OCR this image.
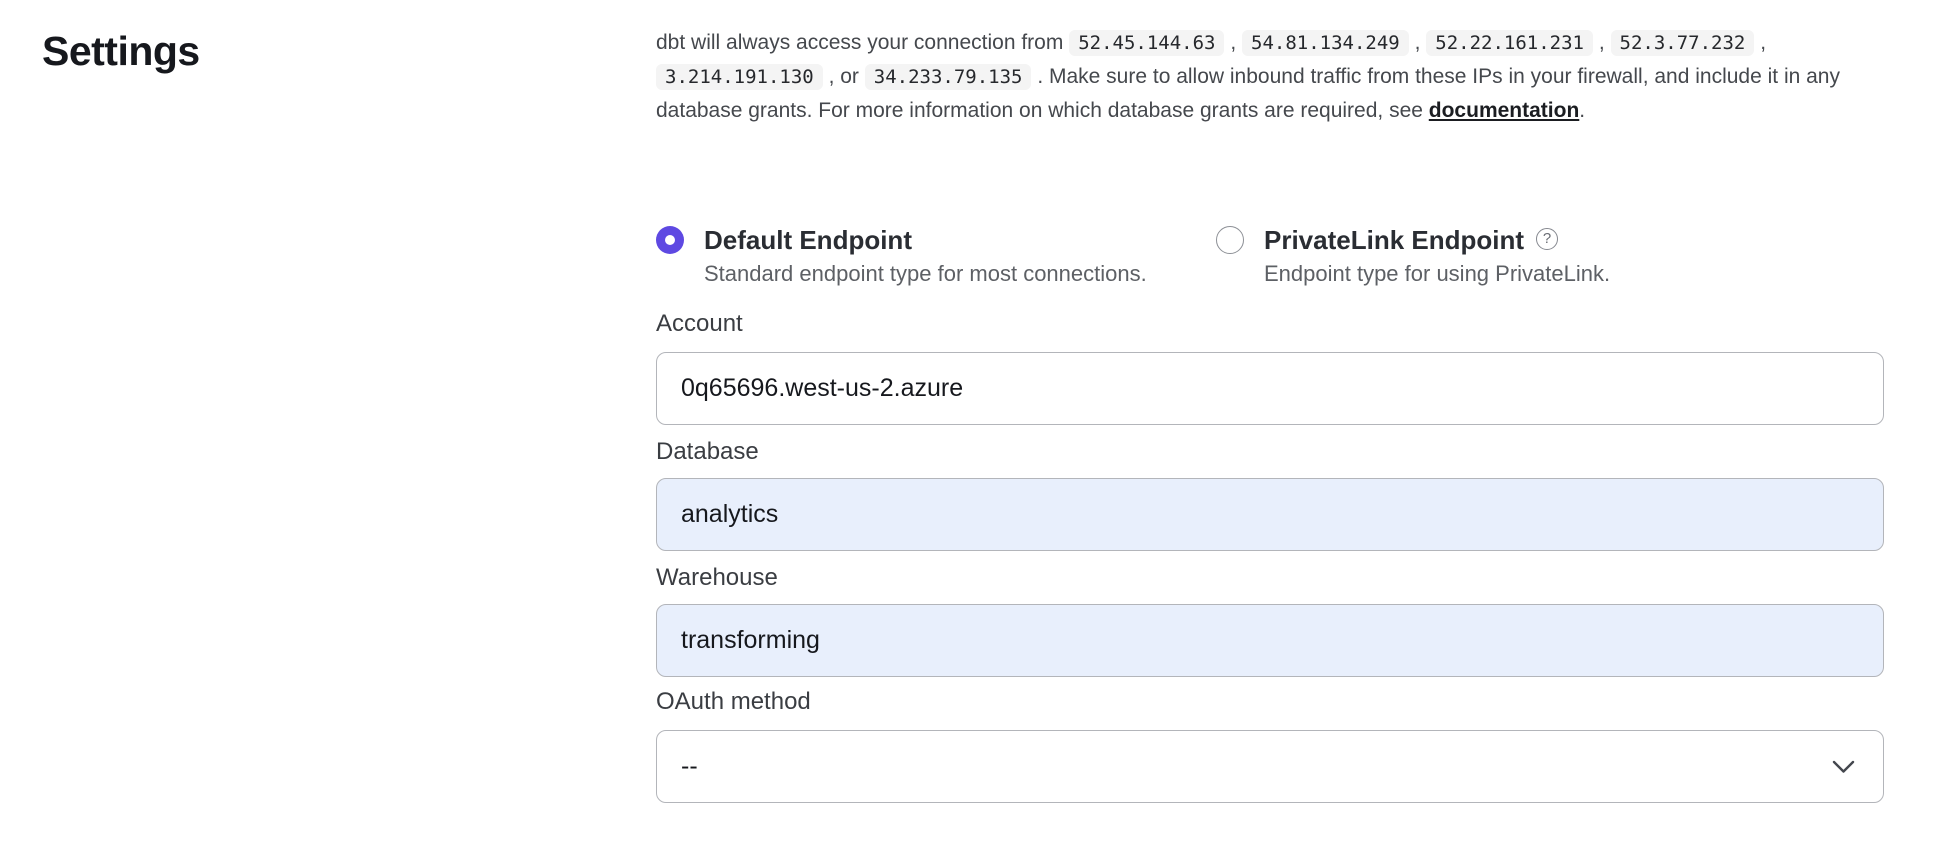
Settings	dbt will always access your connection from 52.45.144.63 , 54.81.134.249 , 52.22.161.231 , 52.3.77.232 , 3.214.191.130 , or 34.233.79.135 . Make sure to allow inbound traffic from these IPs in your firewall, and include it in any database grants. For more information on which database grants are required, see documentation.

Default Endpoint
Standard endpoint type for most connections.
PrivateLink Endpoint	?
Endpoint type for using PrivateLink.
Account
0q65696.west-us-2.azure
Database
analytics
Warehouse
transforming
OAuth method
--
